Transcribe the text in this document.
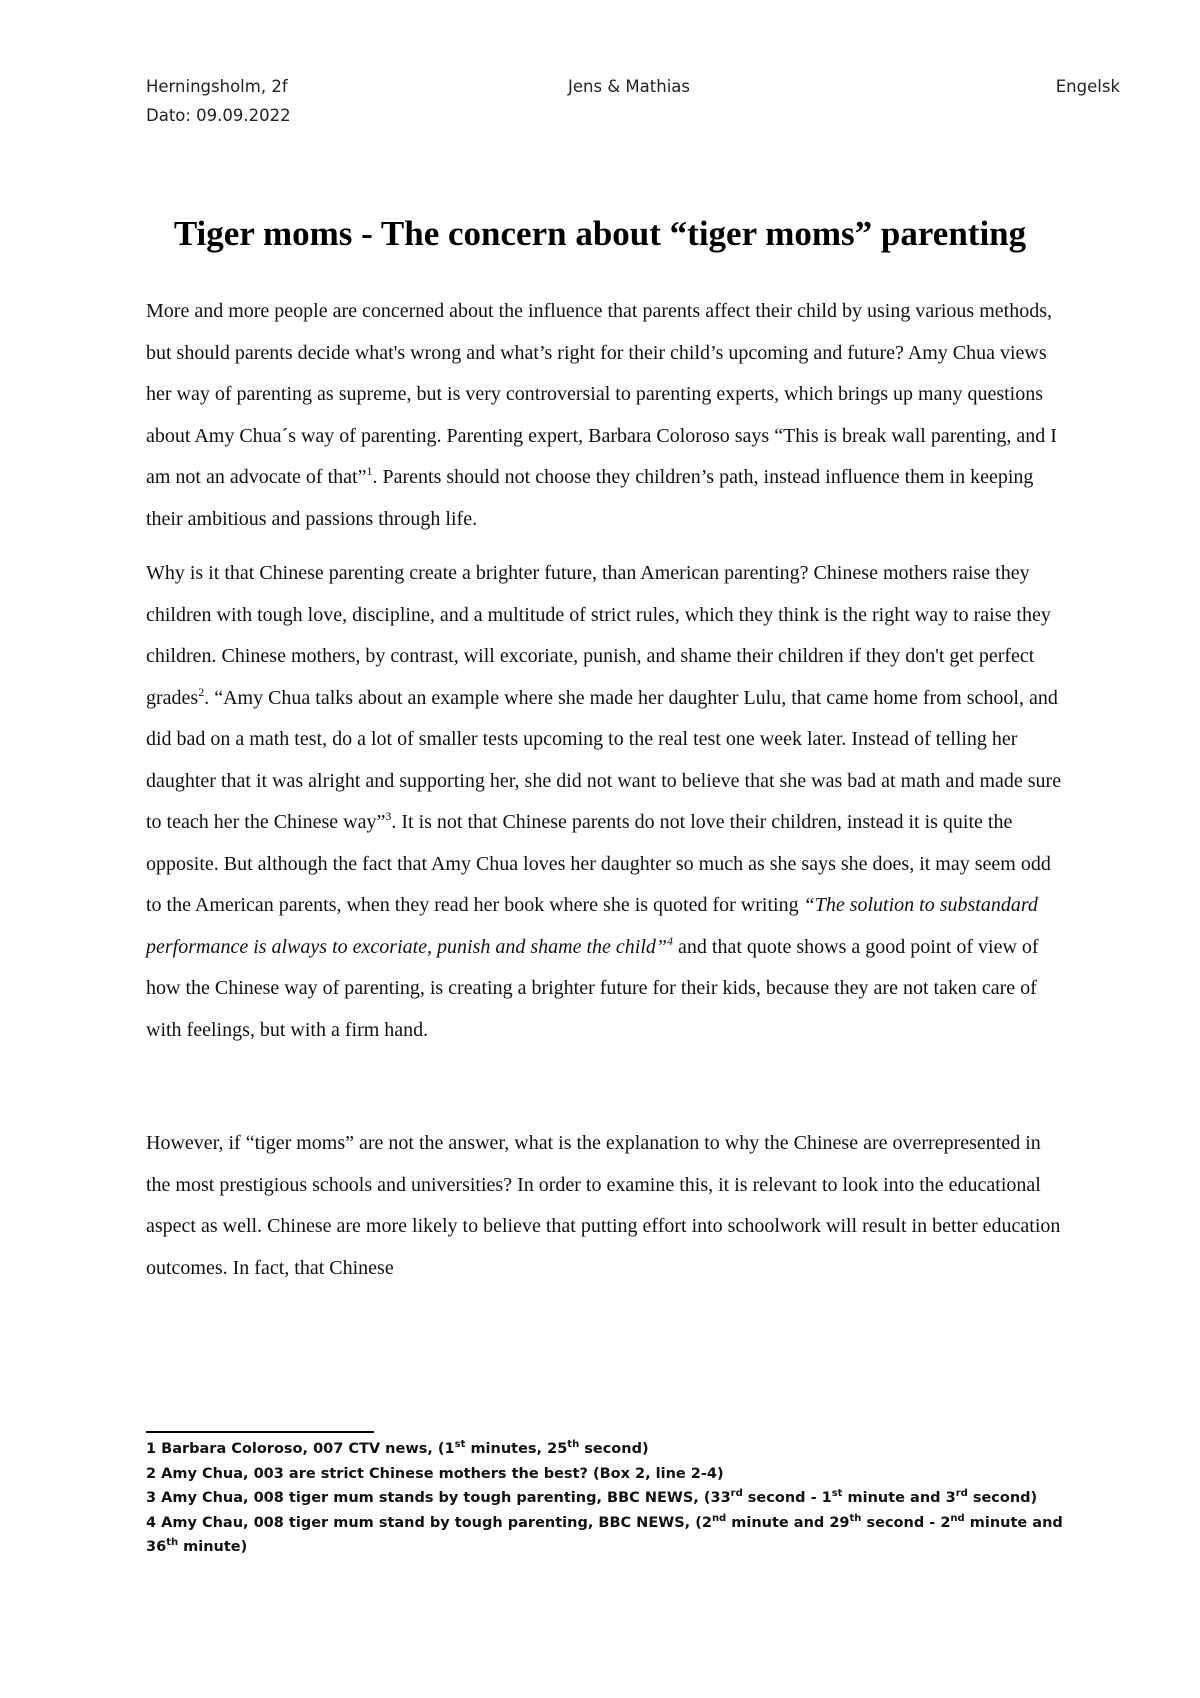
Herningsholm, 2f
Dato: 09.09.2022
Jens & Mathias	Engelsk
Tiger moms - The concern about “tiger moms” parenting

More and more people are concerned about the influence that parents affect their child by using various methods, but should parents decide what's wrong and what’s right for their child’s upcoming and future? Amy Chua views her way of parenting as supreme, but is very controversial to parenting experts, which brings up many questions about Amy Chua´s way of parenting. Parenting expert, Barbara Coloroso says “This is break wall parenting, and I am not an advocate of that”$^1$. Parents should not choose they children’s path, instead influence them in keeping their ambitious and passions through life.

Why is it that Chinese parenting create a brighter future, than American parenting? Chinese mothers raise they children with tough love, discipline, and a multitude of strict rules, which they think is the right way to raise they children. Chinese mothers, by contrast, will excoriate, punish, and shame their children if they don't get perfect grades$^2$. “Amy Chua talks about an example where she made her daughter Lulu, that came home from school, and did bad on a math test, do a lot of smaller tests upcoming to the real test one week later. Instead of telling her daughter that it was alright and supporting her, she did not want to believe that she was bad at math and made sure to teach her the Chinese way”$^3$. It is not that Chinese parents do not love their children, instead it is quite the opposite. But although the fact that Amy Chua loves her daughter so much as she says she does, it may seem odd to the American parents, when they read her book where she is quoted for writing “The solution to substandard performance is always to excoriate, punish and shame the child”$^4$ and that quote shows a good point of view of how the Chinese way of parenting, is creating a brighter future for their kids, because they are not taken care of with feelings, but with a firm hand.

However, if “tiger moms” are not the answer, what is the explanation to why the Chinese are overrepresented in the most prestigious schools and universities? In order to examine this, it is relevant to look into the educational aspect as well. Chinese are more likely to believe that putting effort into schoolwork will result in better education outcomes. In fact, that Chinese

1 Barbara Coloroso, 007 CTV news, (1st minutes, 25th second)
2 Amy Chua, 003 are strict Chinese mothers the best? (Box 2, line 2-4)
3 Amy Chua, 008 tiger mum stands by tough parenting, BBC NEWS, (33rd second - 1st minute and 3rd second)
4 Amy Chau, 008 tiger mum stand by tough parenting, BBC NEWS, (2nd minute and 29th second - 2nd minute and 36th minute)
